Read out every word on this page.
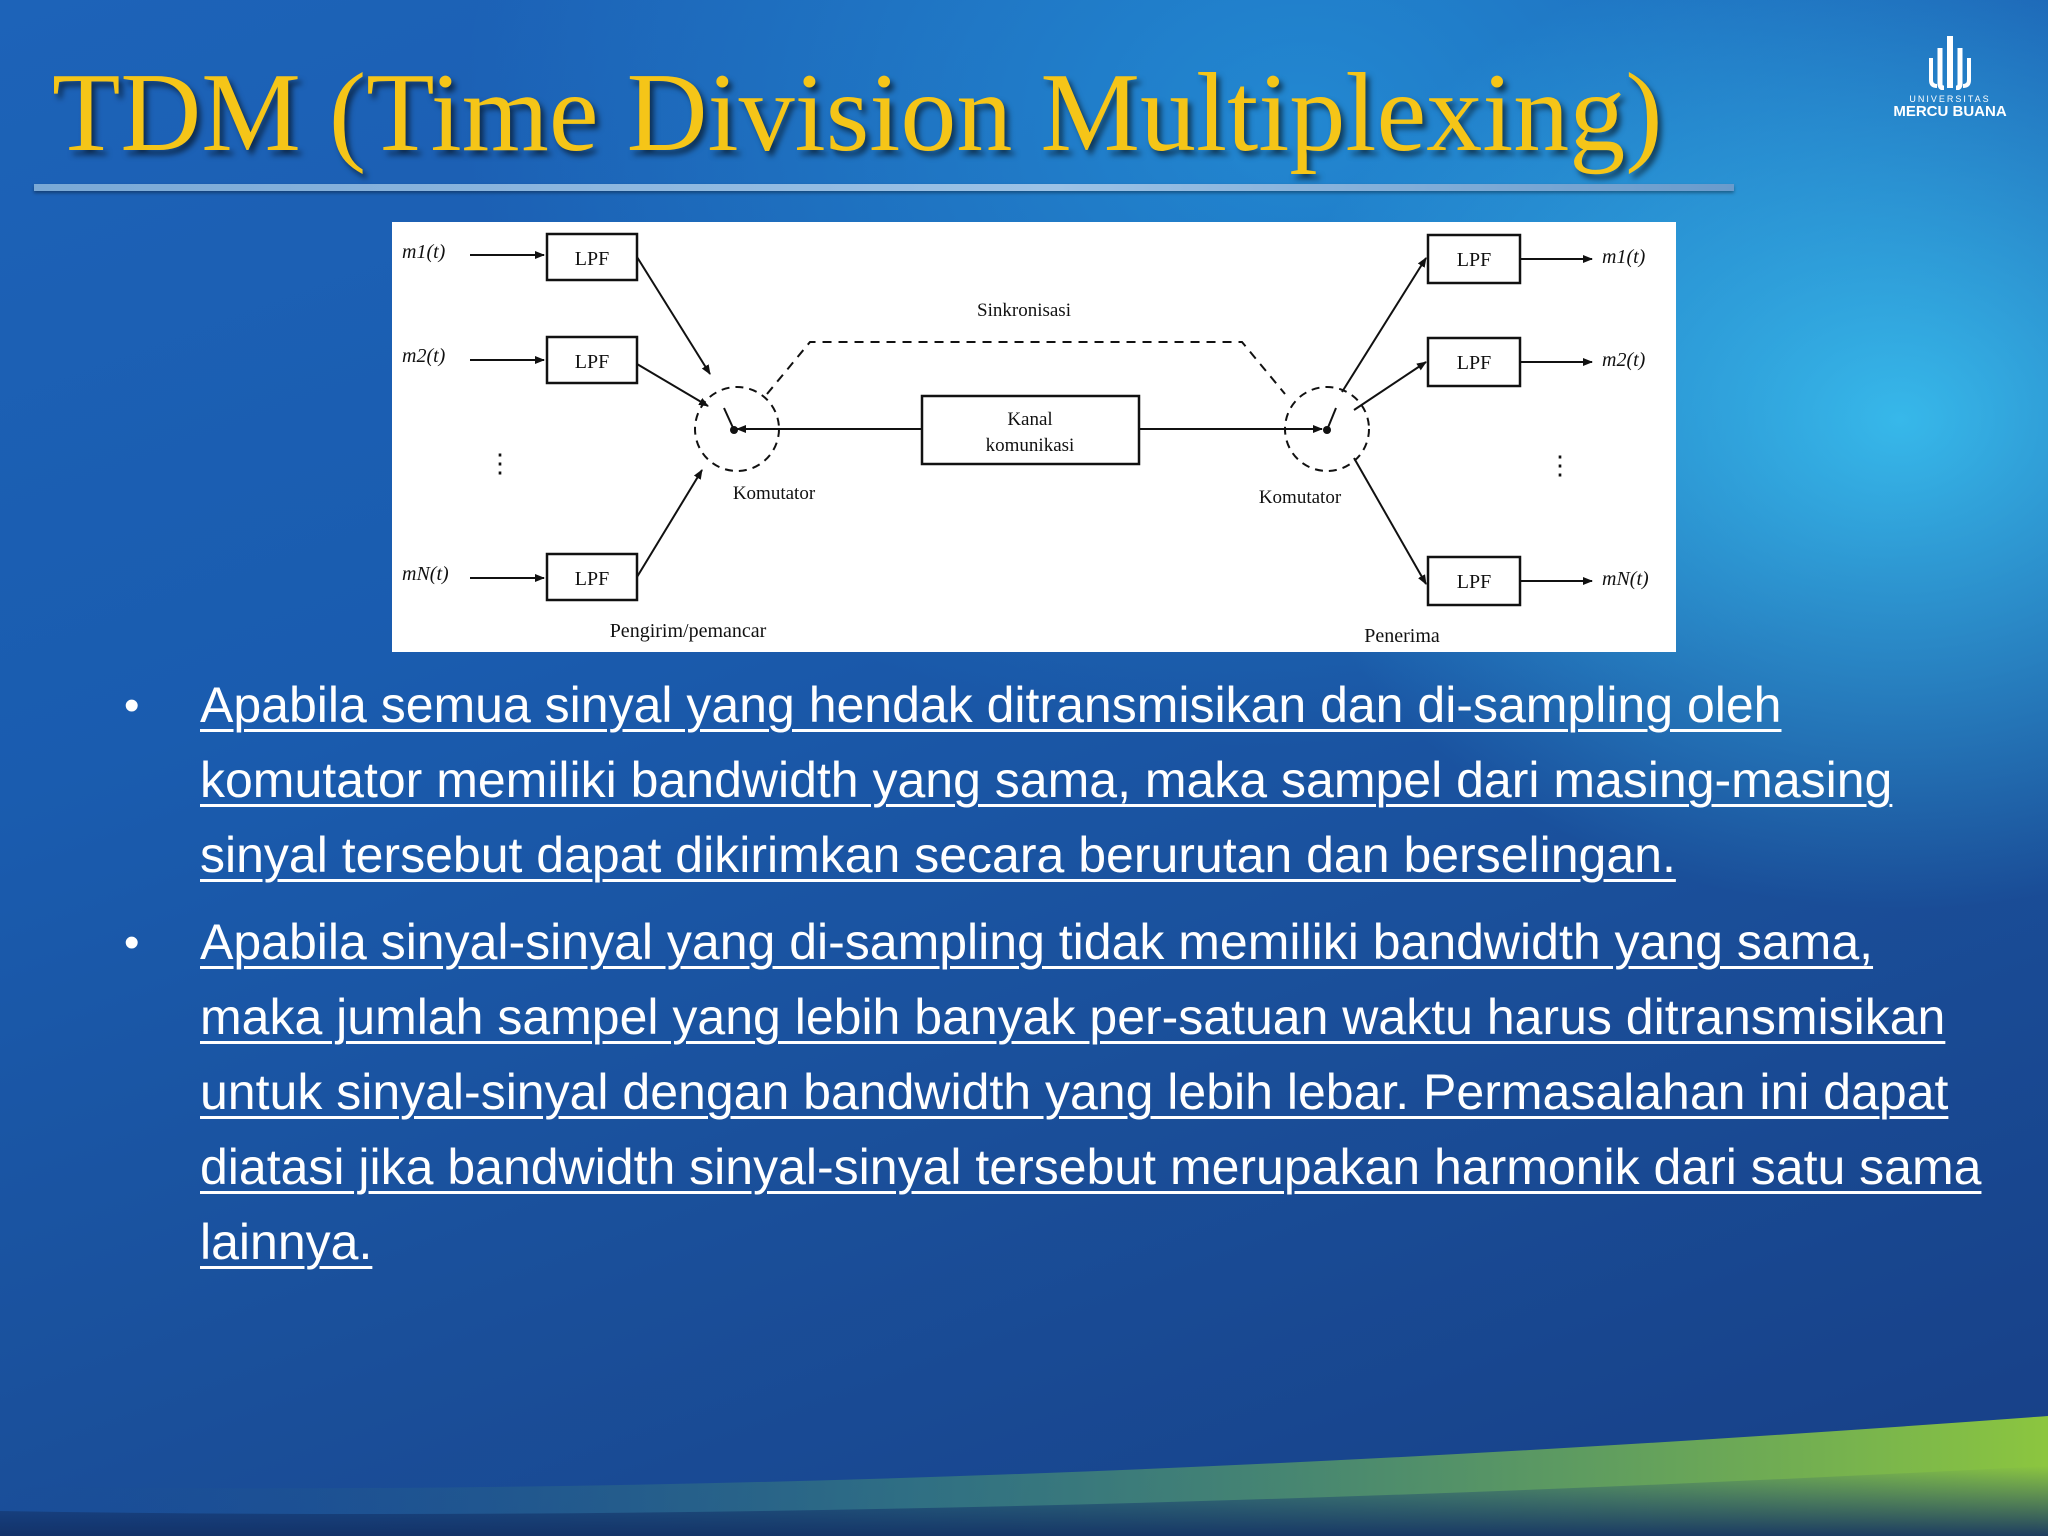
TDM (Time Division Multiplexing)	UNIVERSITAS
MERCU BUANA
m1(t)
m2(t)
mN(t)
LPF
LPF
LPF
⋮
Komutator
Sinkronisasi
Kanal
komunikasi
Komutator
LPF
LPF
LPF
m1(t)
m2(t)
mN(t)
⋮
Pengirim/pemancar	Penerima
• Apabila semua sinyal yang hendak ditransmisikan dan di-sampling oleh komutator memiliki bandwidth yang sama, maka sampel dari masing-masing sinyal tersebut dapat dikirimkan secara berurutan dan berselingan.
• Apabila sinyal-sinyal yang di-sampling tidak memiliki bandwidth yang sama, maka jumlah sampel yang lebih banyak per-satuan waktu harus ditransmisikan untuk sinyal-sinyal dengan bandwidth yang lebih lebar. Permasalahan ini dapat diatasi jika bandwidth sinyal-sinyal tersebut merupakan harmonik dari satu sama lainnya.
